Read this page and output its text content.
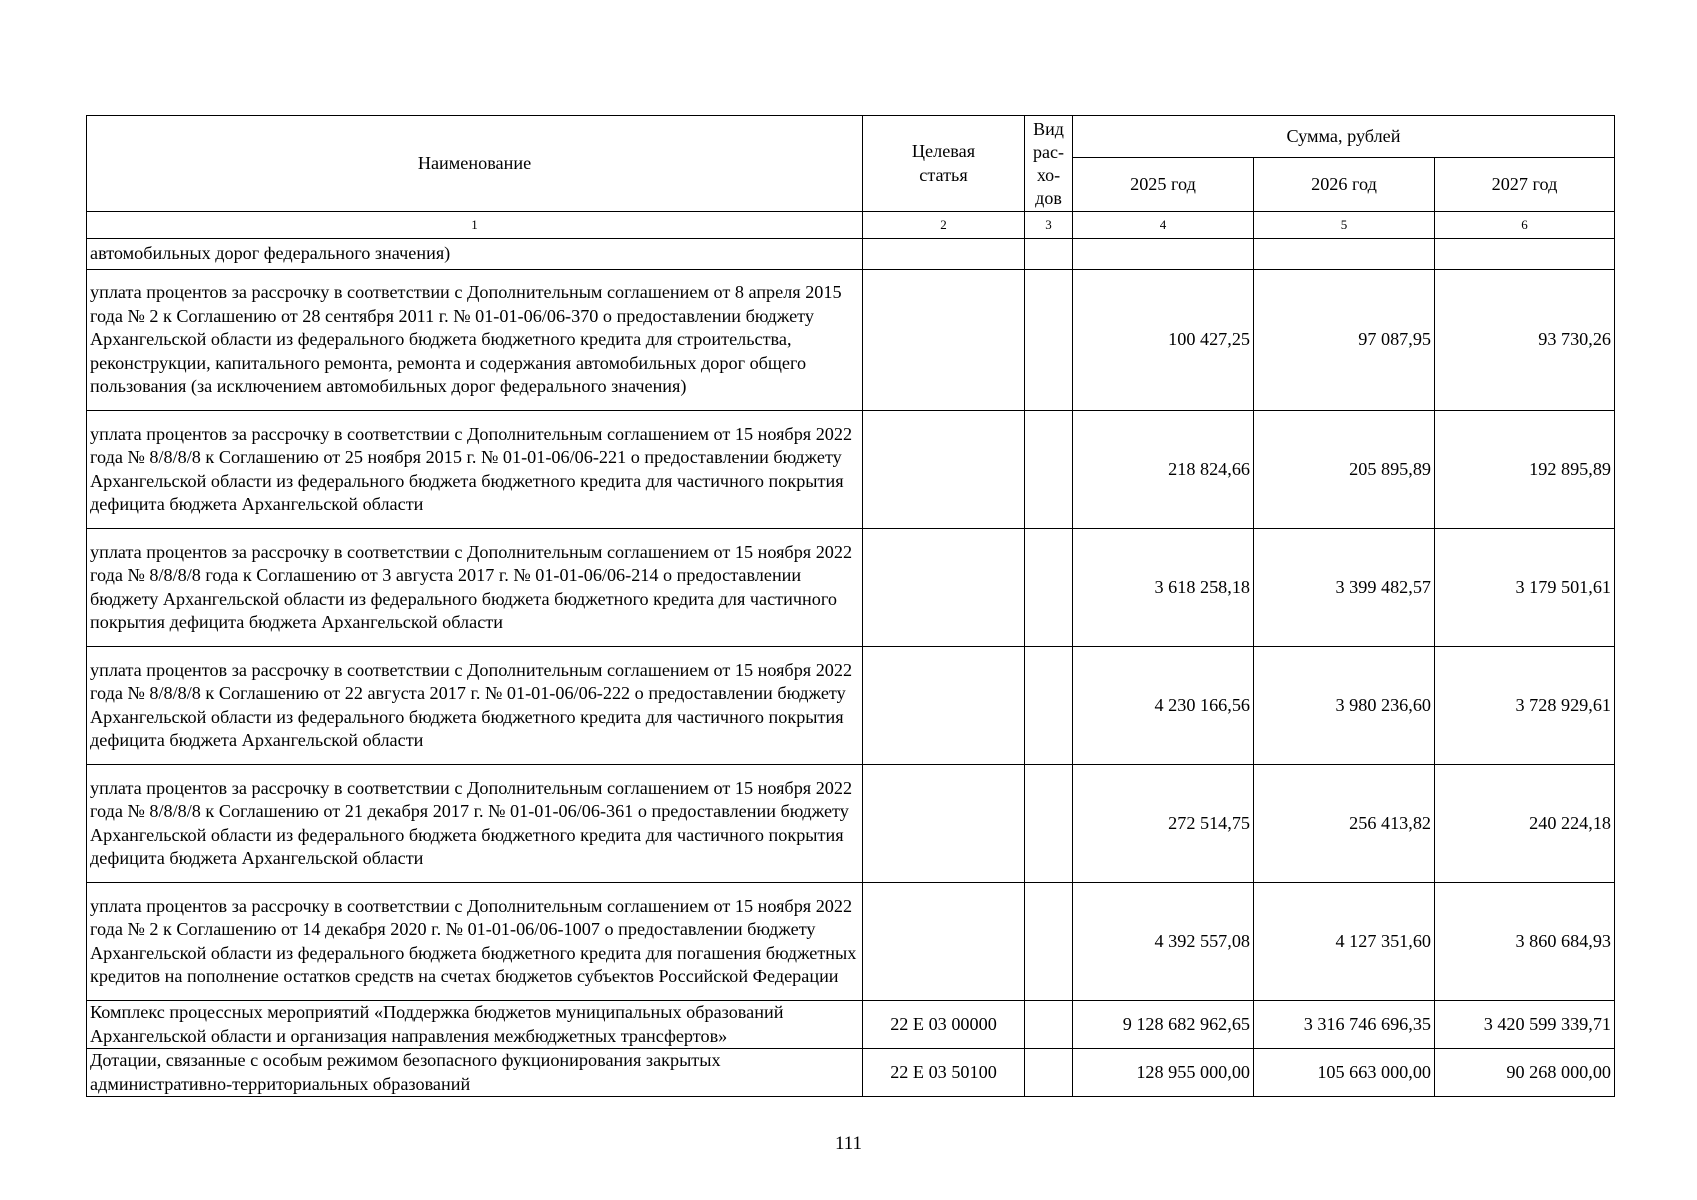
Наименование	Целевая статья	Вид рас-хо-дов	Сумма, рублей		
			2025 год	2026 год	2027 год
1	2	3	4	5	6
автомобильных дорог федерального значения)					
уплата процентов за рассрочку в соответствии с Дополнительным соглашением от 8 апреля 2015 года № 2 к Соглашению от 28 сентября 2011 г. № 01-01-06/06-370 о предоставлении бюджету Архангельской области из федерального бюджета бюджетного кредита для строительства, реконструкции, капитального ремонта, ремонта и содержания автомобильных дорог общего пользования (за исключением автомобильных дорог федерального значения)			100 427,25	97 087,95	93 730,26
уплата процентов за рассрочку в соответствии с Дополнительным соглашением от 15 ноября 2022 года № 8/8/8/8 к Соглашению от 25 ноября 2015 г. № 01-01-06/06-221 о предоставлении бюджету Архангельской области из федерального бюджета бюджетного кредита для частичного покрытия дефицита бюджета Архангельской области			218 824,66	205 895,89	192 895,89
уплата процентов за рассрочку в соответствии с Дополнительным соглашением от 15 ноября 2022 года № 8/8/8/8 года к Соглашению от 3 августа 2017 г. № 01-01-06/06-214 о предоставлении бюджету Архангельской области из федерального бюджета бюджетного кредита для частичного покрытия дефицита бюджета Архангельской области			3 618 258,18	3 399 482,57	3 179 501,61
уплата процентов за рассрочку в соответствии с Дополнительным соглашением от 15 ноября 2022 года № 8/8/8/8 к Соглашению от 22 августа 2017 г. № 01-01-06/06-222 о предоставлении бюджету Архангельской области из федерального бюджета бюджетного кредита для частичного покрытия дефицита бюджета Архангельской области			4 230 166,56	3 980 236,60	3 728 929,61
уплата процентов за рассрочку в соответствии с Дополнительным соглашением от 15 ноября 2022 года № 8/8/8/8 к Соглашению от 21 декабря 2017 г. № 01-01-06/06-361 о предоставлении бюджету Архангельской области из федерального бюджета бюджетного кредита для частичного покрытия дефицита бюджета Архангельской области			272 514,75	256 413,82	240 224,18
уплата процентов за рассрочку в соответствии с Дополнительным соглашением от 15 ноября 2022 года № 2 к Соглашению от 14 декабря 2020 г. № 01-01-06/06-1007 о предоставлении бюджету Архангельской области из федерального бюджета бюджетного кредита для погашения бюджетных кредитов на пополнение остатков средств на счетах бюджетов субъектов Российской Федерации			4 392 557,08	4 127 351,60	3 860 684,93
Комплекс процессных мероприятий «Поддержка бюджетов муниципальных образований Архангельской области и организация направления межбюджетных трансфертов»	22 Е 03 00000		9 128 682 962,65	3 316 746 696,35	3 420 599 339,71
Дотации, связанные с особым режимом безопасного фукционирования закрытых административно-территориальных образований	22 Е 03 50100		128 955 000,00	105 663 000,00	90 268 000,00
111
